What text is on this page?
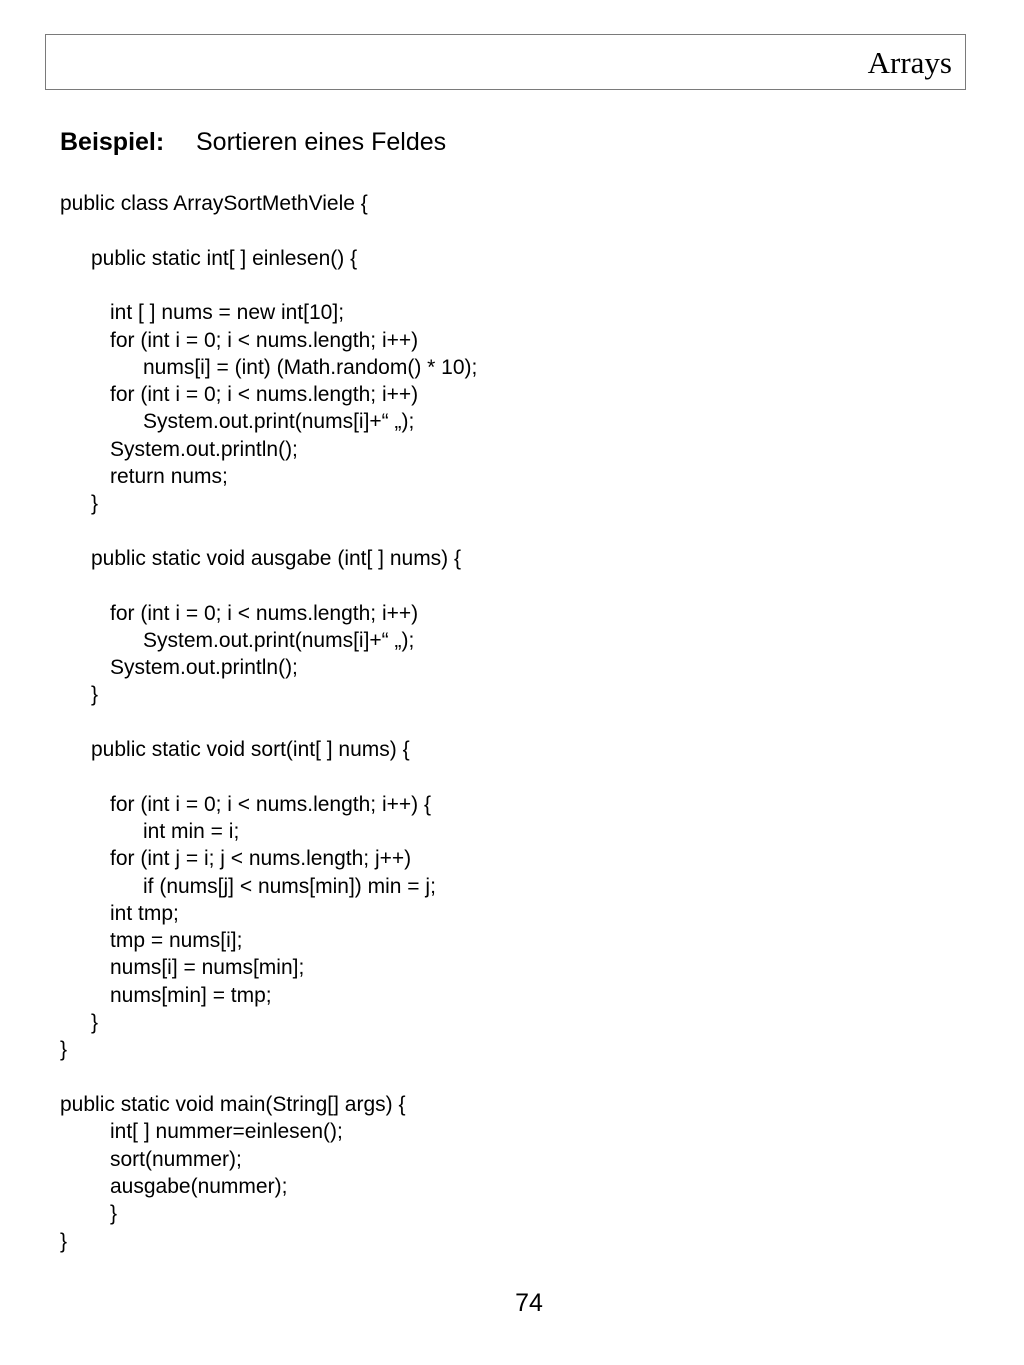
Arrays
Beispiel: Sortieren eines Feldes
public class ArraySortMethViele {
public static int[ ] einlesen() {
int [ ] nums = new int[10];
for (int i = 0; i < nums.length; i++)
nums[i] = (int) (Math.random() * 10);
for (int i = 0; i < nums.length; i++)
System.out.print(nums[i]+“ „);
System.out.println();
return nums;
}
public static void ausgabe (int[ ] nums) {
for (int i = 0; i < nums.length; i++)
System.out.print(nums[i]+“ „);
System.out.println();
}
public static void sort(int[ ] nums) {
for (int i = 0; i < nums.length; i++) {
int min = i;
for (int j = i; j < nums.length; j++)
if (nums[j] < nums[min]) min = j;
int tmp;
tmp = nums[i];
nums[i] = nums[min];
nums[min] = tmp;
}
}
public static void main(String[] args) {
int[ ] nummer=einlesen();
sort(nummer);
ausgabe(nummer);
}
}
74
